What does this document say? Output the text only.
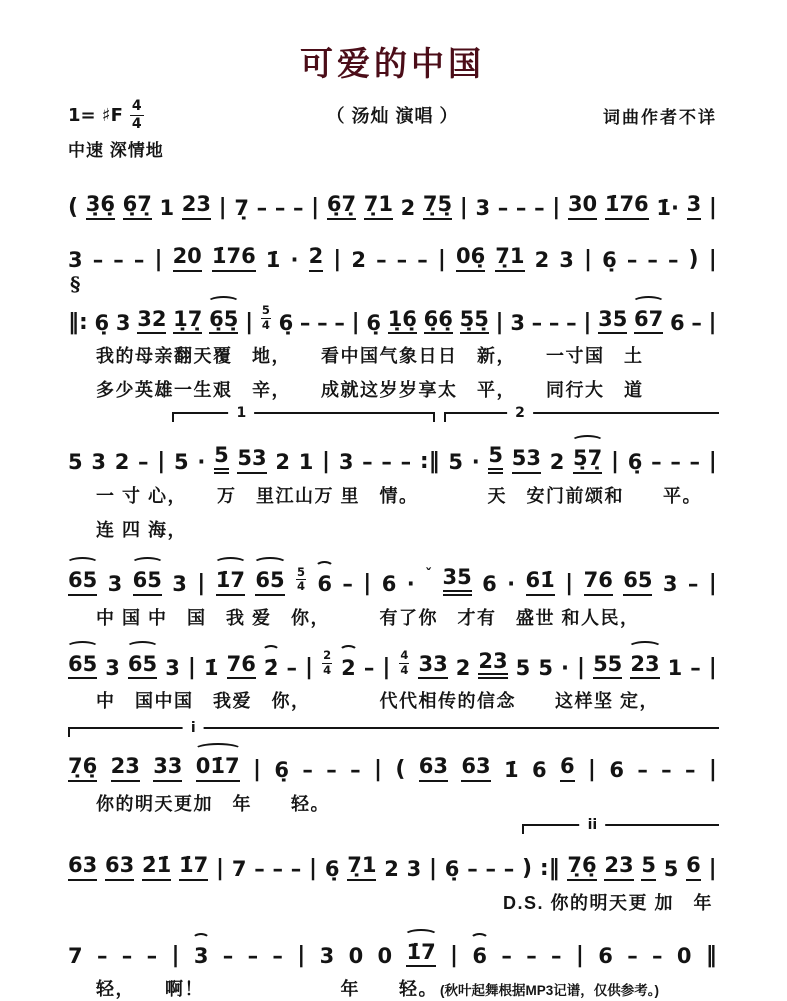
可爱的中国
1= ♯F $\frac{4}{4}$	（ 汤灿 演唱 ）	词曲作者不详
中速 深情地
( 3̣6̣ 6̣7̣ 1 23 | 7̣ – – – | 6̣7̣ 7̣1 2 7̣5̣ | 3 – – – | 30 1̇76 1̇· 3 |
3 – – – | 20 1̇76 1̇ · 2 | 2 – – – | 06̣ 7̣1 2 3 | 6̣ – – – ) |
§
‖: 6̣ 3 32 1̣7̣ 6̣5̣ | 5
4 6̣ – – – | 6̣ 1̣6̣ 6̣6̣ 5̣5̣ | 3 – – – | 35 67 6 – |
我的母亲翻天覆　地，　　看中国气象日日　新，　　一寸国　土
多少英雄一生艰　辛，　　成就这岁岁享太　平，　　同行大　道
1	2
5 3 2 – | 5 · 5 53 2 1 | 3 – – – :‖ 5 · 5 53 2 5̣7̣ | 6̣ – – – |
一 寸 心，　　万　里江山万 里　情。　　　　天　安门前颂和　　平。
连 四 海，
65 3 65 3 | 1̇7 65 5
4 6 – | 6 · ˇ 35 6 · 61̇ | 76 65 3 – |
中 国 中　国　我 爱　你，　　　有了你　才有　盛世 和人民，
65 3 65 3 | 1̇ 76 2̇ – | 2
4 2 – | 4
4 33 2 23 5 5 · | 55 23 1 – |
中　国中国　我爱　你，　　　　代代相传的信念　　这样坚 定，
i
7̣6̣ 23 33 01̇7 | 6̣ – – – | ( 63 63 1̇ 6 6 | 6 – – – |
你的明天更加　年　　轻。
ii
63 63 2̇1̇ 1̇7 | 7 – – – | 6̣ 7̣1 2 3 | 6̣ – – – ) :‖ 7̣6̣ 23 5 5 6 |
D.S. 你的明天更 加　年
7 – – – | 3 – – – | 3 0 0 1̇7 | 6 – – – | 6 – – 0 ‖
轻，　　啊！　　　　　　　年　　轻。 (秋叶起舞根据MP3记谱，仅供参考。)
